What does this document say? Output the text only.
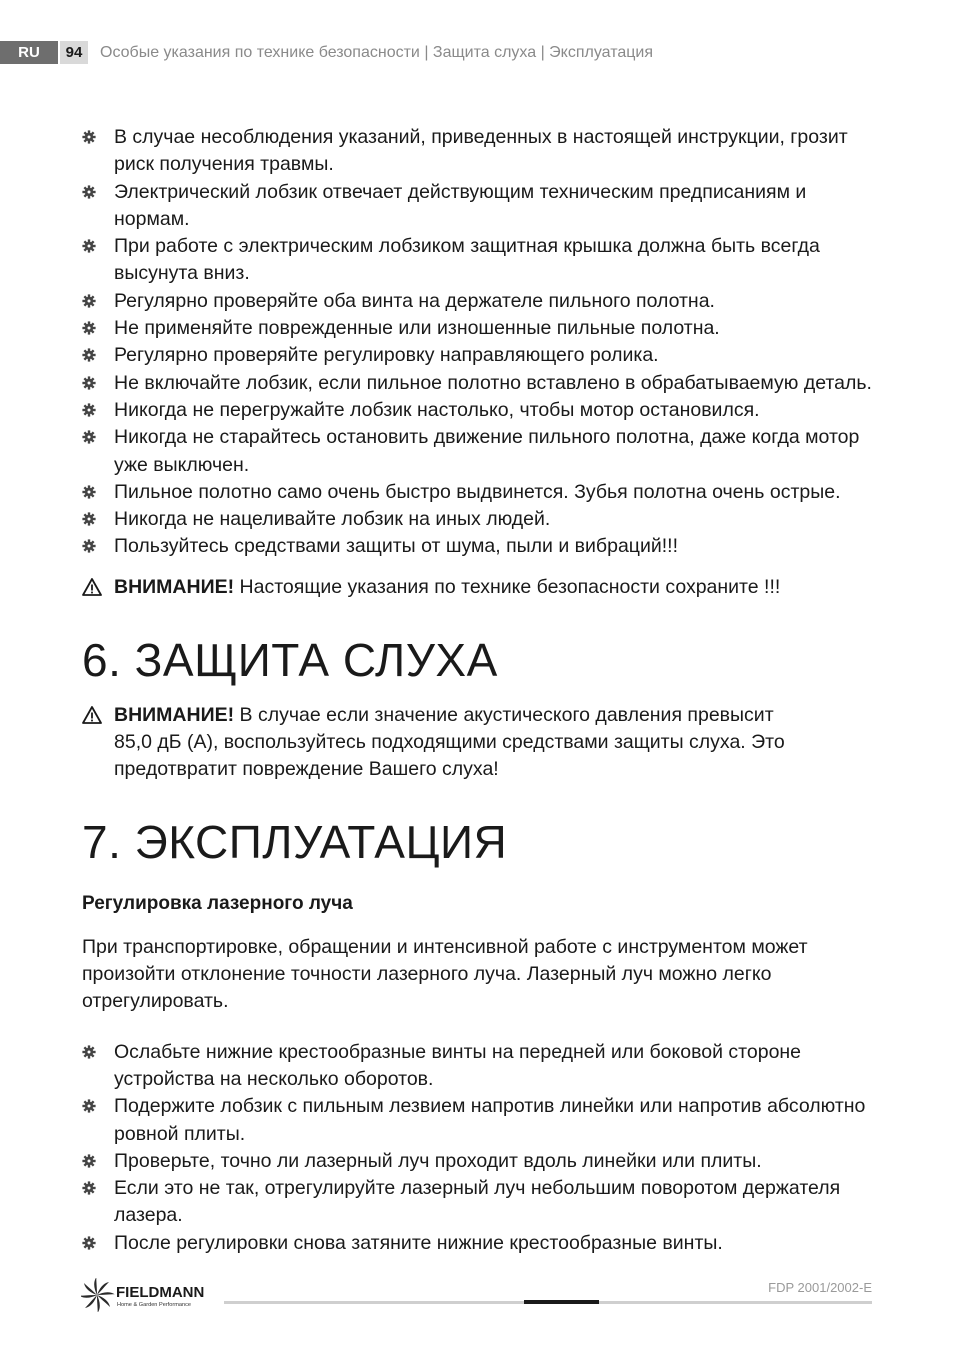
RU	94	Особые указания по технике безопасности | Защита слуха | Эксплуатация
В случае несоблюдения указаний, приведенных в настоящей инструкции, грозит риск получения травмы.
Электрический лобзик отвечает действующим техническим предписаниям и нормам.
При работе с электрическим лобзиком защитная крышка должна быть всегда высунута вниз.
Регулярно проверяйте оба винта на держателе пильного полотна.
Не применяйте поврежденные или изношенные пильные полотна.
Регулярно проверяйте регулировку направляющего ролика.
Не включайте лобзик, если пильное полотно вставлено в обрабатываемую деталь.
Никогда не перегружайте лобзик настолько, чтобы мотор остановился.
Никогда не старайтесь остановить движение пильного полотна, даже когда мотор уже выключен.
Пильное полотно само очень быстро выдвинется. Зубья полотна очень острые.
Никогда не нацеливайте лобзик на иных людей.
Пользуйтесь средствами защиты от шума, пыли и вибраций!!!
ВНИМАНИЕ! Настоящие указания по технике безопасности сохраните !!!
6. ЗАЩИТА СЛУХА
ВНИМАНИЕ! В случае если значение акустического давления превысит
85,0 дБ (A), воспользуйтесь подходящими средствами защиты слуха. Это
предотвратит повреждение Вашего слуха!
7. ЭКСПЛУАТАЦИЯ
Регулировка лазерного луча

При транспортировке, обращении и интенсивной работе с инструментом может произойти отклонение точности лазерного луча. Лазерный луч можно легко отрегулировать.

Ослабьте нижние крестообразные винты на передней или боковой стороне устройства на несколько оборотов.
Подержите лобзик с пильным лезвием напротив линейки или напротив абсолютно ровной плиты.
Проверьте, точно ли лазерный луч проходит вдоль линейки или плиты.
Если это не так, отрегулируйте лазерный луч небольшим поворотом держателя лазера.
После регулировки снова затяните нижние крестообразные винты.
FIELDMANN
Home & Garden Performance
FDP 2001/2002-E
